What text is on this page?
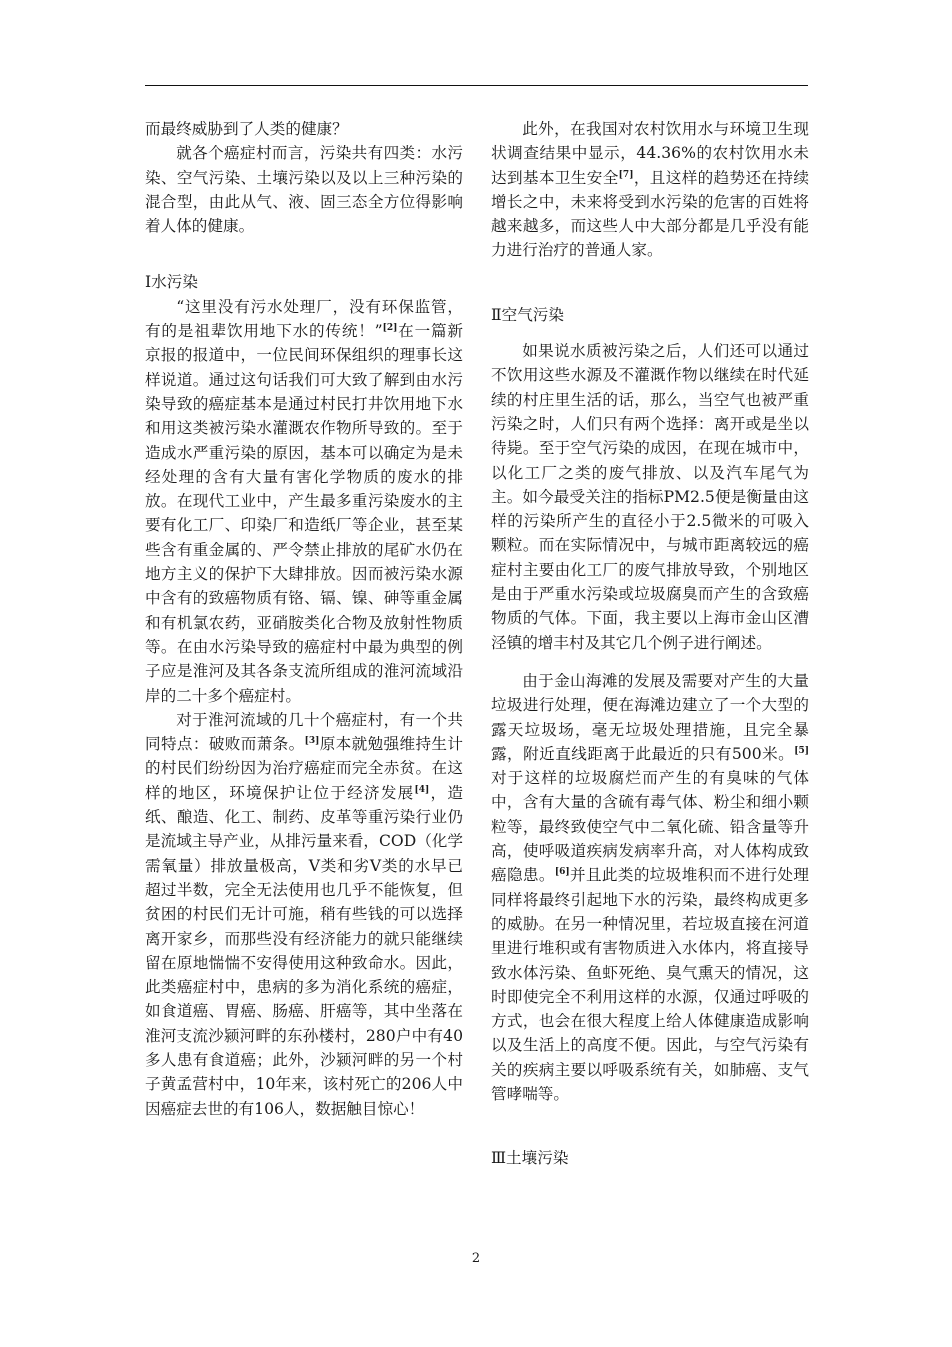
而最终威胁到了人类的健康？

就各个癌症村而言，污染共有四类：水污染、空气污染、土壤污染以及以上三种污染的混合型，由此从气、液、固三态全方位得影响着人体的健康。

Ⅰ水污染

“这里没有污水处理厂，没有环保监管，有的是祖辈饮用地下水的传统！”[2]在一篇新京报的报道中，一位民间环保组织的理事长这样说道。通过这句话我们可大致了解到由水污染导致的癌症基本是通过村民打井饮用地下水和用这类被污染水灌溉农作物所导致的。至于造成水严重污染的原因，基本可以确定为是未经处理的含有大量有害化学物质的废水的排放。在现代工业中，产生最多重污染废水的主要有化工厂、印染厂和造纸厂等企业，甚至某些含有重金属的、严令禁止排放的尾矿水仍在地方主义的保护下大肆排放。因而被污染水源中含有的致癌物质有铬、镉、镍、砷等重金属和有机氯农药，亚硝胺类化合物及放射性物质等。在由水污染导致的癌症村中最为典型的例子应是淮河及其各条支流所组成的淮河流域沿岸的二十多个癌症村。

对于淮河流域的几十个癌症村，有一个共同特点：破败而萧条。[3]原本就勉强维持生计的村民们纷纷因为治疗癌症而完全赤贫。在这样的地区，环境保护让位于经济发展[4]，造纸、酿造、化工、制药、皮革等重污染行业仍是流域主导产业，从排污量来看，COD（化学需氧量）排放量极高，Ⅴ类和劣Ⅴ类的水早已超过半数，完全无法使用也几乎不能恢复，但贫困的村民们无计可施，稍有些钱的可以选择离开家乡，而那些没有经济能力的就只能继续留在原地惴惴不安得使用这种致命水。因此，此类癌症村中，患病的多为消化系统的癌症，如食道癌、胃癌、肠癌、肝癌等，其中坐落在淮河支流沙颍河畔的东孙楼村，280户中有40多人患有食道癌；此外，沙颍河畔的另一个村子黄孟营村中，10年来，该村死亡的206人中因癌症去世的有106人，数据触目惊心！

此外，在我国对农村饮用水与环境卫生现状调查结果中显示，44.36%的农村饮用水未达到基本卫生安全[7]，且这样的趋势还在持续增长之中，未来将受到水污染的危害的百姓将越来越多，而这些人中大部分都是几乎没有能力进行治疗的普通人家。

Ⅱ空气污染

如果说水质被污染之后，人们还可以通过不饮用这些水源及不灌溉作物以继续在时代延续的村庄里生活的话，那么，当空气也被严重污染之时，人们只有两个选择：离开或是坐以待毙。至于空气污染的成因，在现在城市中，以化工厂之类的废气排放、以及汽车尾气为主。如今最受关注的指标PM2.5便是衡量由这样的污染所产生的直径小于2.5微米的可吸入颗粒。而在实际情况中，与城市距离较远的癌症村主要由化工厂的废气排放导致，个别地区是由于严重水污染或垃圾腐臭而产生的含致癌物质的气体。下面，我主要以上海市金山区漕泾镇的增丰村及其它几个例子进行阐述。

由于金山海滩的发展及需要对产生的大量垃圾进行处理，便在海滩边建立了一个大型的露天垃圾场，毫无垃圾处理措施，且完全暴露，附近直线距离于此最近的只有500米。[5]对于这样的垃圾腐烂而产生的有臭味的气体中，含有大量的含硫有毒气体、粉尘和细小颗粒等，最终致使空气中二氧化硫、铅含量等升高，使呼吸道疾病发病率升高，对人体构成致癌隐患。[6]并且此类的垃圾堆积而不进行处理同样将最终引起地下水的污染，最终构成更多的威胁。在另一种情况里，若垃圾直接在河道里进行堆积或有害物质进入水体内，将直接导致水体污染、鱼虾死绝、臭气熏天的情况，这时即使完全不利用这样的水源，仅通过呼吸的方式，也会在很大程度上给人体健康造成影响以及生活上的高度不便。因此，与空气污染有关的疾病主要以呼吸系统有关，如肺癌、支气管哮喘等。

Ⅲ土壤污染
2
